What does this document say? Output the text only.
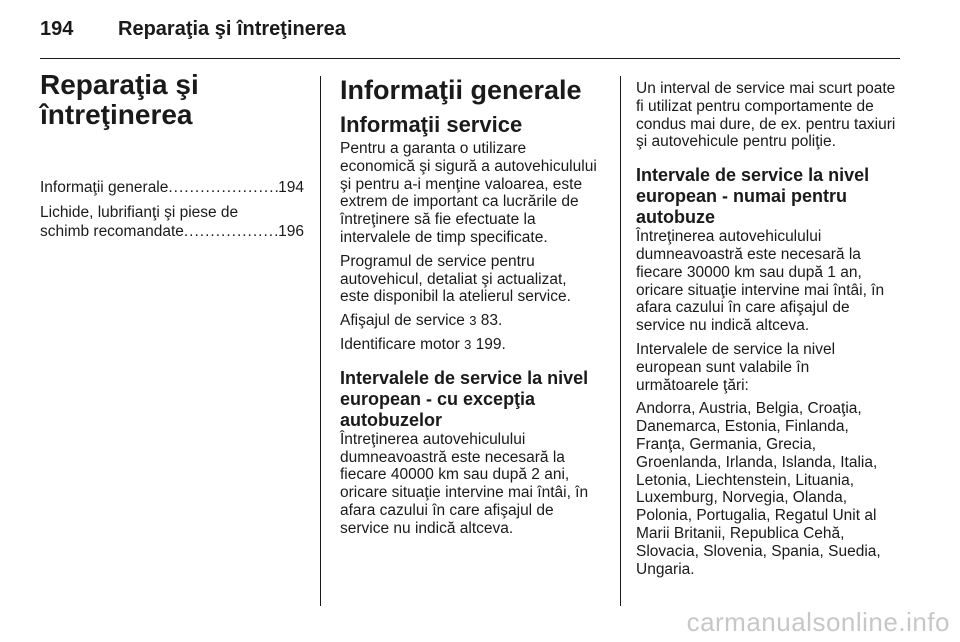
194	Reparaţia şi întreţinerea
Reparaţia şi
întreţinerea
Informaţii generale .....	194
Lichide, lubrifianţi şi piese de
schimb recomandate .....	196
Informaţii generale
Informaţii service
Pentru a garanta o utilizare
economică şi sigură a autovehiculului
şi pentru a-i menţine valoarea, este
extrem de important ca lucrările de
întreţinere să fie efectuate la
intervalele de timp specificate.
Programul de service pentru
autovehicul, detaliat şi actualizat,
este disponibil la atelierul service.
Afişajul de service 3 83.
Identificare motor 3 199.
Intervalele de service la nivel
european - cu excepţia
autobuzelor
Întreţinerea autovehiculului
dumneavoastră este necesară la
fiecare 40000 km sau după 2 ani,
oricare situaţie intervine mai întâi, în
afara cazului în care afişajul de
service nu indică altceva.
Un interval de service mai scurt poate
fi utilizat pentru comportamente de
condus mai dure, de ex. pentru taxiuri
şi autovehicule pentru poliţie.
Intervale de service la nivel
european - numai pentru
autobuze
Întreţinerea autovehiculului
dumneavoastră este necesară la
fiecare 30000 km sau după 1 an,
oricare situaţie intervine mai întâi, în
afara cazului în care afişajul de
service nu indică altceva.
Intervalele de service la nivel
european sunt valabile în
următoarele ţări:
Andorra, Austria, Belgia, Croaţia,
Danemarca, Estonia, Finlanda,
Franţa, Germania, Grecia,
Groenlanda, Irlanda, Islanda, Italia,
Letonia, Liechtenstein, Lituania,
Luxemburg, Norvegia, Olanda,
Polonia, Portugalia, Regatul Unit al
Marii Britanii, Republica Cehă,
Slovacia, Slovenia, Spania, Suedia,
Ungaria.
carmanualsonline.info
